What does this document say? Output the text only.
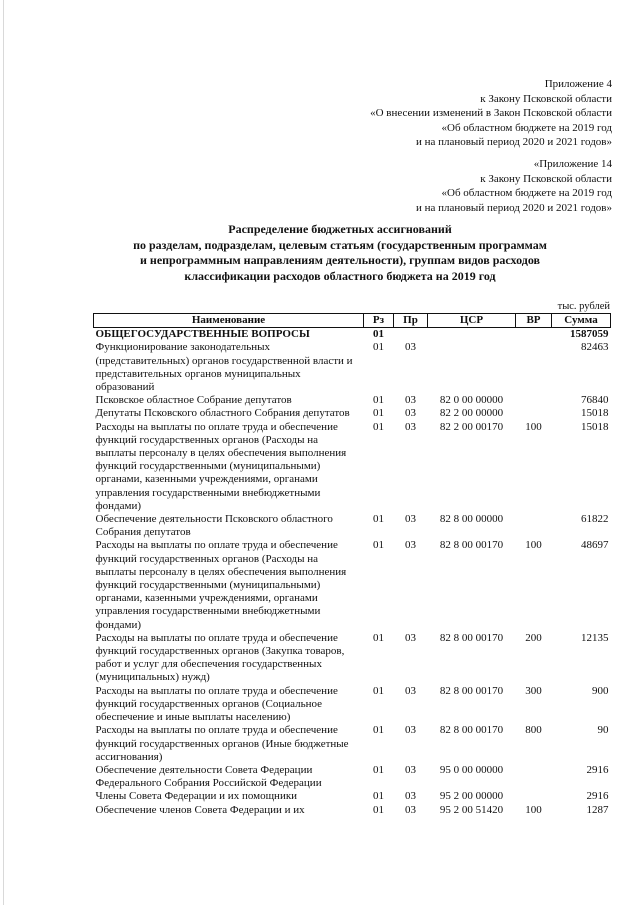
Приложение 4
к Закону Псковской области
«О внесении изменений в Закон Псковской области
«Об областном бюджете на 2019 год
и на плановый период 2020 и 2021 годов»
«Приложение 14
к Закону Псковской области
«Об областном бюджете на 2019 год
и на плановый период 2020 и 2021 годов»
Распределение бюджетных ассигнований
по разделам, подразделам, целевым статьям (государственным программам
и непрограммным направлениям деятельности), группам видов расходов
классификации расходов областного бюджета на 2019 год
тыс. рублей
Наименование	Рз	Пр	ЦСР	ВР	Сумма
ОБЩЕГОСУДАРСТВЕННЫЕ ВОПРОСЫ	01				1587059
Функционирование законодательных (представительных) органов государственной власти и представительных органов муниципальных образований	01	03			82463
Псковское областное Собрание депутатов	01	03	82 0 00 00000		76840
Депутаты Псковского областного Собрания депутатов	01	03	82 2 00 00000		15018
Расходы на выплаты по оплате труда и обеспечение функций государственных органов (Расходы на выплаты персоналу в целях обеспечения выполнения функций государственными (муниципальными) органами, казенными учреждениями, органами управления государственными внебюджетными фондами)	01	03	82 2 00 00170	100	15018
Обеспечение деятельности Псковского областного Собрания депутатов	01	03	82 8 00 00000		61822
Расходы на выплаты по оплате труда и обеспечение функций государственных органов (Расходы на выплаты персоналу в целях обеспечения выполнения функций государственными (муниципальными) органами, казенными учреждениями, органами управления государственными внебюджетными фондами)	01	03	82 8 00 00170	100	48697
Расходы на выплаты по оплате труда и обеспечение функций государственных органов (Закупка товаров, работ и услуг для обеспечения государственных (муниципальных) нужд)	01	03	82 8 00 00170	200	12135
Расходы на выплаты по оплате труда и обеспечение функций государственных органов (Социальное обеспечение и иные выплаты населению)	01	03	82 8 00 00170	300	900
Расходы на выплаты по оплате труда и обеспечение функций государственных органов (Иные бюджетные ассигнования)	01	03	82 8 00 00170	800	90
Обеспечение деятельности Совета Федерации Федерального Собрания Российской Федерации	01	03	95 0 00 00000		2916
Члены Совета Федерации и их помощники	01	03	95 2 00 00000		2916
Обеспечение членов Совета Федерации и их	01	03	95 2 00 51420	100	1287
